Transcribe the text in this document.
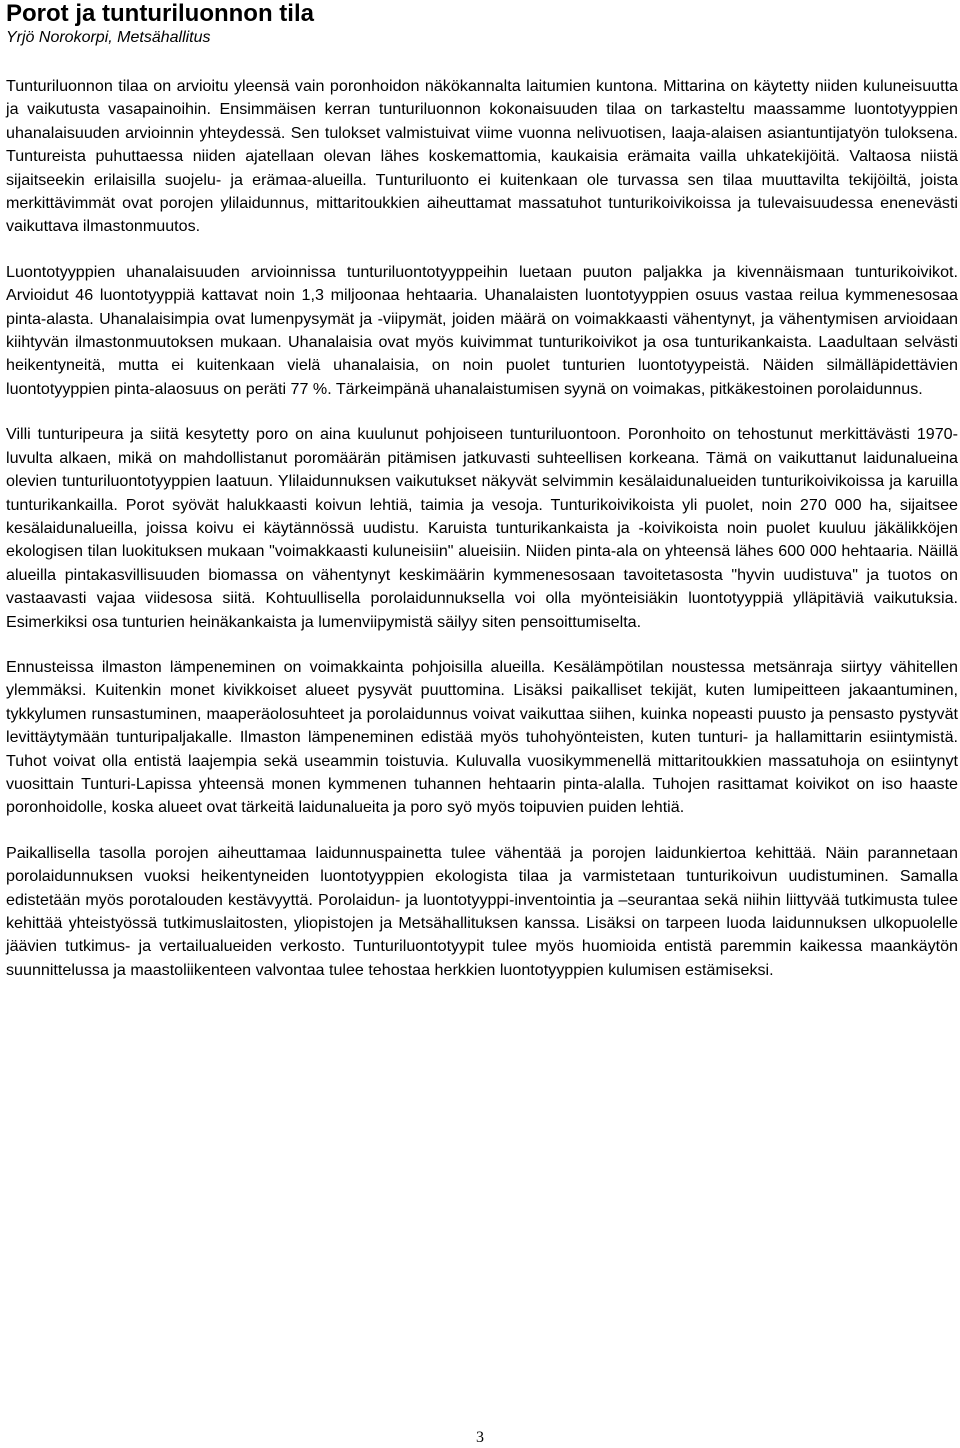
Porot ja tunturiluonnon tila
Yrjö Norokorpi, Metsähallitus

Tunturiluonnon tilaa on arvioitu yleensä vain poronhoidon näkökannalta laitumien kuntona. Mittarina on käytetty niiden kuluneisuutta ja vaikutusta vasapainoihin. Ensimmäisen kerran tunturiluonnon kokonaisuuden tilaa on tarkasteltu maassamme luontotyyppien uhanalaisuuden arvioinnin yhteydessä. Sen tulokset valmistuivat viime vuonna nelivuotisen, laaja-alaisen asiantuntijatyön tuloksena. Tuntureista puhuttaessa niiden ajatellaan olevan lähes koskemattomia, kaukaisia erämaita vailla uhkatekijöitä. Valtaosa niistä sijaitseekin erilaisilla suojelu- ja erämaa-alueilla. Tunturiluonto ei kuitenkaan ole turvassa sen tilaa muuttavilta tekijöiltä, joista merkittävimmät ovat porojen ylilaidunnus, mittaritoukkien aiheuttamat massatuhot tunturikoivikoissa ja tulevaisuudessa enenevästi vaikuttava ilmastonmuutos.

Luontotyyppien uhanalaisuuden arvioinnissa tunturiluontotyyppeihin luetaan puuton paljakka ja kivennäismaan tunturikoivikot. Arvioidut 46 luontotyyppiä kattavat noin 1,3 miljoonaa hehtaaria. Uhanalaisten luontotyyppien osuus vastaa reilua kymmenesosaa pinta-alasta. Uhanalaisimpia ovat lumenpysymät ja -viipymät, joiden määrä on voimakkaasti vähentynyt, ja vähentymisen arvioidaan kiihtyvän ilmastonmuutoksen mukaan. Uhanalaisia ovat myös kuivimmat tunturikoivikot ja osa tunturikankaista. Laadultaan selvästi heikentyneitä, mutta ei kuitenkaan vielä uhanalaisia, on noin puolet tunturien luontotyypeistä. Näiden silmälläpidettävien luontotyyppien pinta-alaosuus on peräti 77 %. Tärkeimpänä uhanalaistumisen syynä on voimakas, pitkäkestoinen porolaidunnus.

Villi tunturipeura ja siitä kesytetty poro on aina kuulunut pohjoiseen tunturiluontoon. Poronhoito on tehostunut merkittävästi 1970-luvulta alkaen, mikä on mahdollistanut poromäärän pitämisen jatkuvasti suhteellisen korkeana. Tämä on vaikuttanut laidunalueina olevien tunturiluontotyyppien laatuun. Ylilaidunnuksen vaikutukset näkyvät selvimmin kesälaidunalueiden tunturikoivikoissa ja karuilla tunturikankailla. Porot syövät halukkaasti koivun lehtiä, taimia ja vesoja. Tunturikoivikoista yli puolet, noin 270 000 ha, sijaitsee kesälaidunalueilla, joissa koivu ei käytännössä uudistu. Karuista tunturikankaista ja -koivikoista noin puolet kuuluu jäkälikköjen ekologisen tilan luokituksen mukaan "voimakkaasti kuluneisiin" alueisiin. Niiden pinta-ala on yhteensä lähes 600 000 hehtaaria. Näillä alueilla pintakasvillisuuden biomassa on vähentynyt keskimäärin kymmenesosaan tavoitetasosta "hyvin uudistuva" ja tuotos on vastaavasti vajaa viidesosa siitä. Kohtuullisella porolaidunnuksella voi olla myönteisiäkin luontotyyppiä ylläpitäviä vaikutuksia. Esimerkiksi osa tunturien heinäkankaista ja lumenviipymistä säilyy siten pensoittumiselta.

Ennusteissa ilmaston lämpeneminen on voimakkainta pohjoisilla alueilla. Kesälämpötilan noustessa metsänraja siirtyy vähitellen ylemmäksi. Kuitenkin monet kivikkoiset alueet pysyvät puuttomina. Lisäksi paikalliset tekijät, kuten lumipeitteen jakaantuminen, tykkylumen runsastuminen, maaperäolosuhteet ja porolaidunnus voivat vaikuttaa siihen, kuinka nopeasti puusto ja pensasto pystyvät levittäytymään tunturipaljakalle. Ilmaston lämpeneminen edistää myös tuhohyönteisten, kuten tunturi- ja hallamittarin esiintymistä. Tuhot voivat olla entistä laajempia sekä useammin toistuvia. Kuluvalla vuosikymmenellä mittaritoukkien massatuhoja on esiintynyt vuosittain Tunturi-Lapissa yhteensä monen kymmenen tuhannen hehtaarin pinta-alalla. Tuhojen rasittamat koivikot on iso haaste poronhoidolle, koska alueet ovat tärkeitä laidunalueita ja poro syö myös toipuvien puiden lehtiä.

Paikallisella tasolla porojen aiheuttamaa laidunnuspainetta tulee vähentää ja porojen laidunkiertoa kehittää. Näin parannetaan porolaidunnuksen vuoksi heikentyneiden luontotyyppien ekologista tilaa ja varmistetaan tunturikoivun uudistuminen. Samalla edistetään myös porotalouden kestävyyttä. Porolaidun- ja luontotyyppi-inventointia ja –seurantaa sekä niihin liittyvää tutkimusta tulee kehittää yhteistyössä tutkimuslaitosten, yliopistojen ja Metsähallituksen kanssa. Lisäksi on tarpeen luoda laidunnuksen ulkopuolelle jäävien tutkimus- ja vertailualueiden verkosto. Tunturiluontotyypit tulee myös huomioida entistä paremmin kaikessa maankäytön suunnittelussa ja maastoliikenteen valvontaa tulee tehostaa herkkien luontotyyppien kulumisen estämiseksi.

3
